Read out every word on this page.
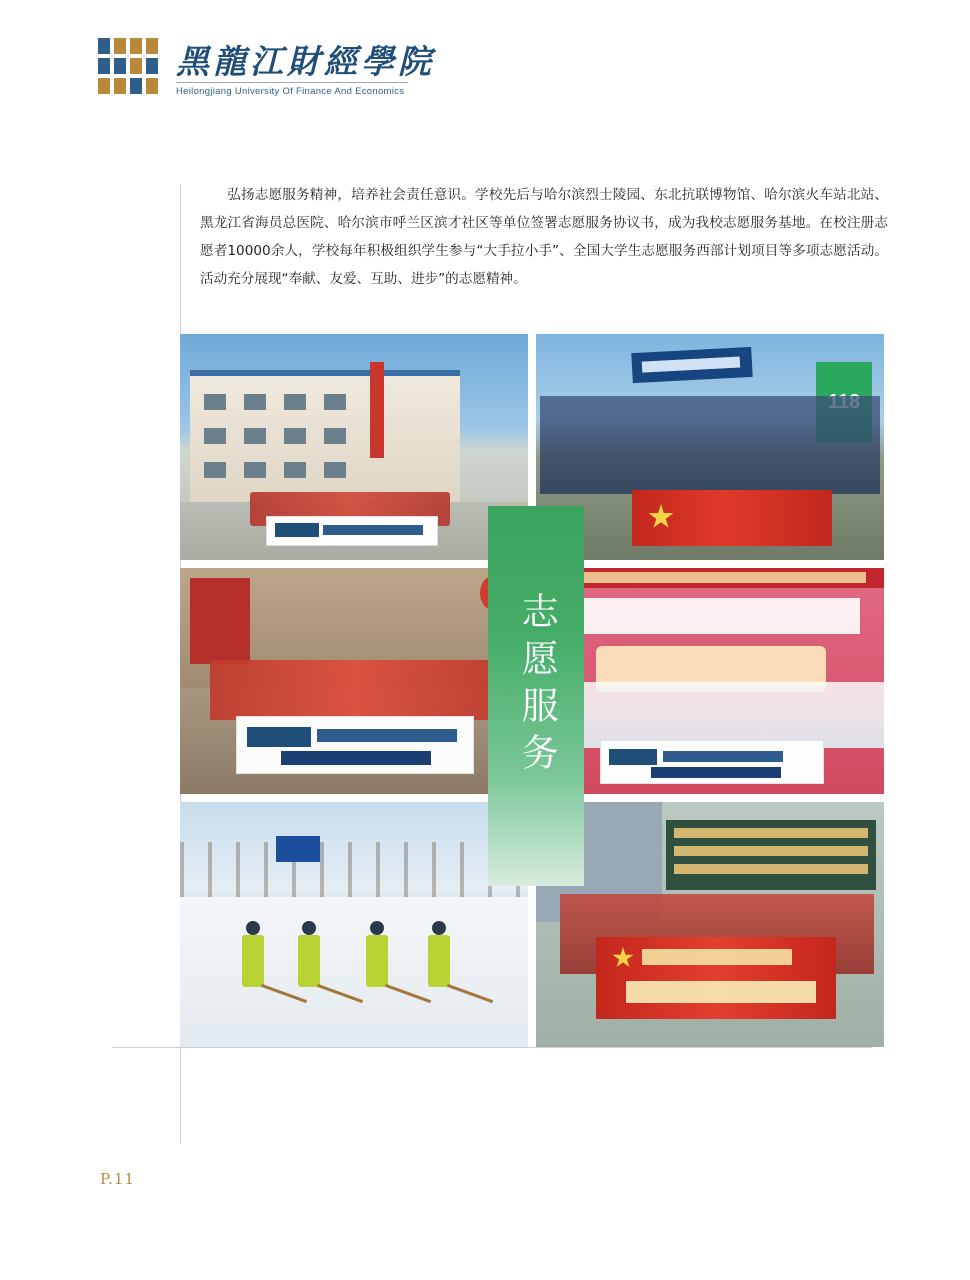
黑龍江財經學院
Heilongjiang University Of Finance And Economics
弘扬志愿服务精神，培养社会责任意识。学校先后与哈尔滨烈士陵园、东北抗联博物馆、哈尔滨火车站北站、黑龙江省海员总医院、哈尔滨市呼兰区滨才社区等单位签署志愿服务协议书，成为我校志愿服务基地。在校注册志愿者10000余人，学校每年积极组织学生参与“大手拉小手”、全国大学生志愿服务西部计划项目等多项志愿活动。活动充分展现“奉献、友爱、互助、进步”的志愿精神。
志愿服务
P.11
